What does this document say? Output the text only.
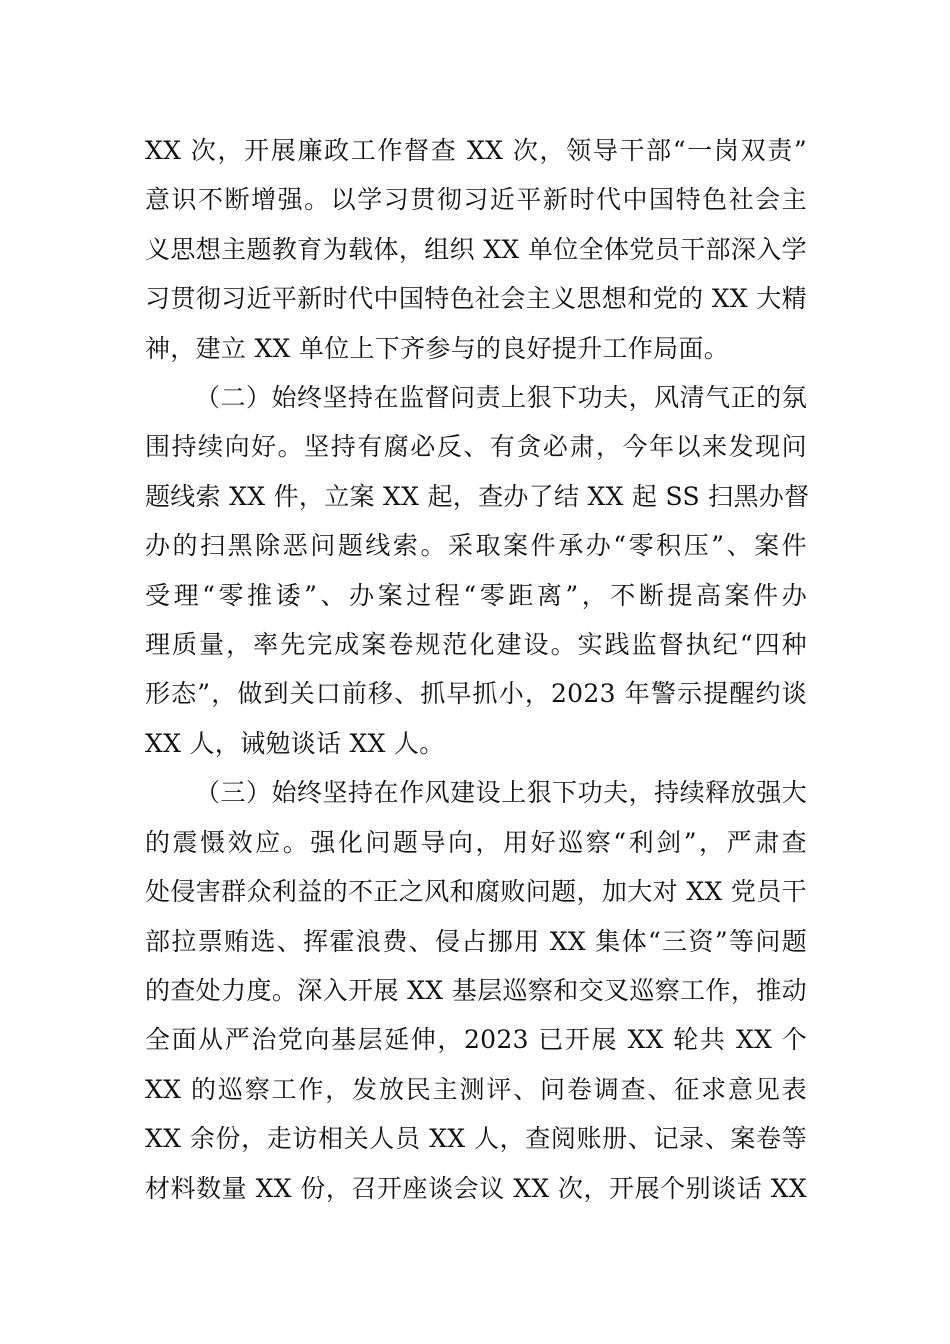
XX 次，开展廉政工作督查 XX 次，领导干部“一岗双责”
意识不断增强。以学习贯彻习近平新时代中国特色社会主
义思想主题教育为载体，组织 XX 单位全体党员干部深入学
习贯彻习近平新时代中国特色社会主义思想和党的 XX 大精
神，建立 XX 单位上下齐参与的良好提升工作局面。
（二）始终坚持在监督问责上狠下功夫，风清气正的氛
围持续向好。坚持有腐必反、有贪必肃，今年以来发现问
题线索 XX 件，立案 XX 起，查办了结 XX 起 SS 扫黑办督
办的扫黑除恶问题线索。采取案件承办“零积压”、案件
受理“零推诿”、办案过程“零距离”，不断提高案件办
理质量，率先完成案卷规范化建设。实践监督执纪“四种
形态”，做到关口前移、抓早抓小，2023 年警示提醒约谈
XX 人，诫勉谈话 XX 人。
（三）始终坚持在作风建设上狠下功夫，持续释放强大
的震慑效应。强化问题导向，用好巡察“利剑”，严肃查
处侵害群众利益的不正之风和腐败问题，加大对 XX 党员干
部拉票贿选、挥霍浪费、侵占挪用 XX 集体“三资”等问题
的查处力度。深入开展 XX 基层巡察和交叉巡察工作，推动
全面从严治党向基层延伸，2023 已开展 XX 轮共 XX 个
XX 的巡察工作，发放民主测评、问卷调查、征求意见表
XX 余份，走访相关人员 XX 人，查阅账册、记录、案卷等
材料数量 XX 份，召开座谈会议 XX 次，开展个别谈话 XX
